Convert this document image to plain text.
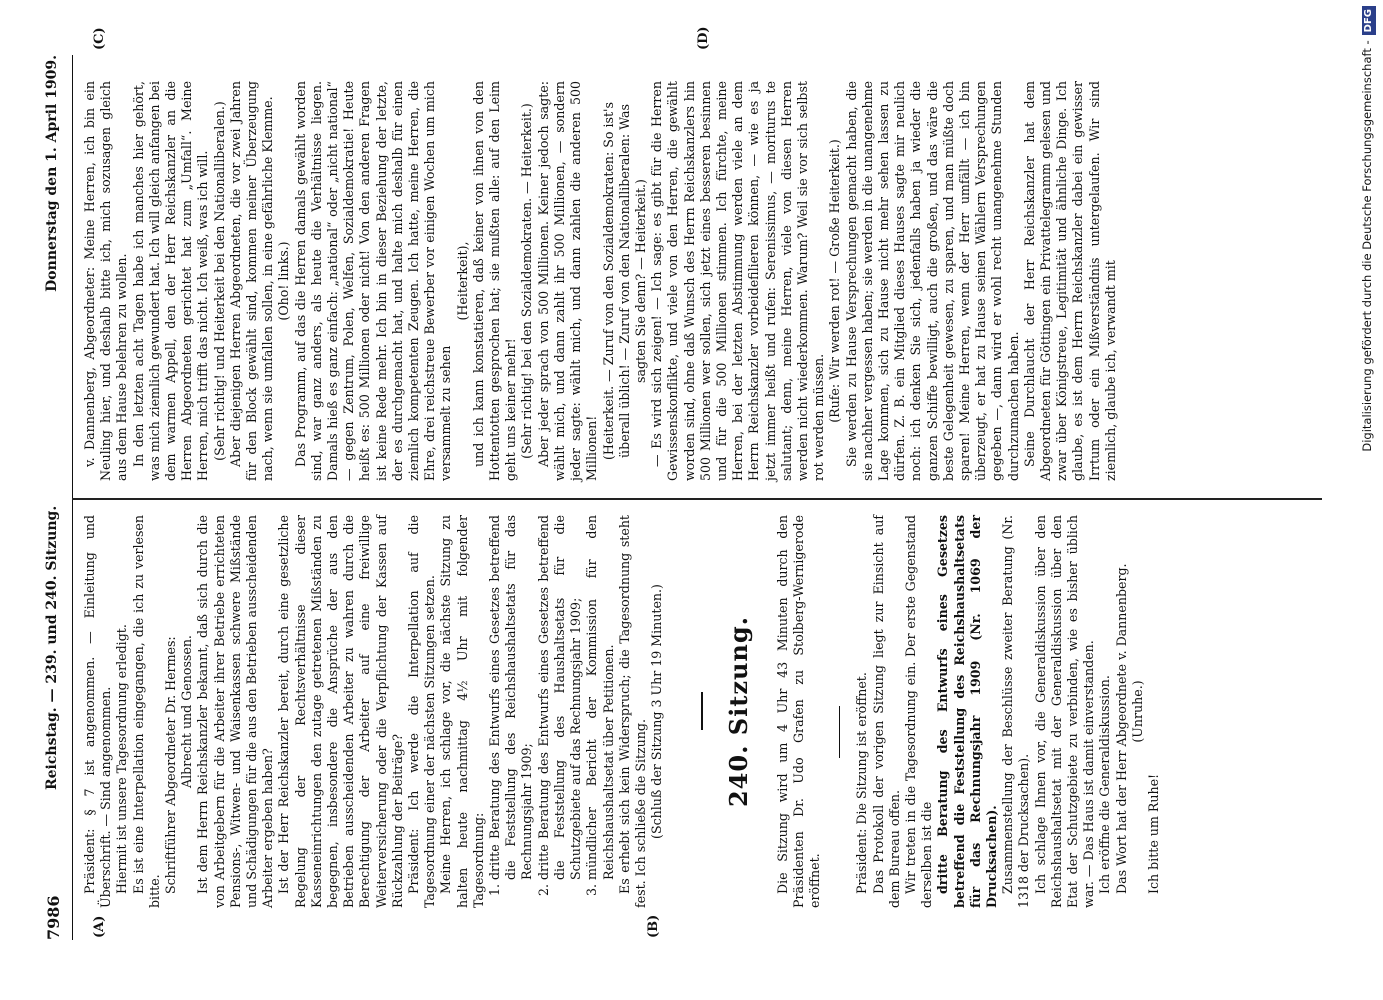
7986
Reichstag. — 239. und 240. Sitzung.
Donnerstag den 1. April 1909.
(A)	(B)
(C)	(D)

Präsident: § 7 ist angenommen. — Einleitung und Überschrift. — Sind angenommen. Hiermit ist unsere Tagesordnung erledigt. Es ist eine Interpellation eingegangen, die ich zu verlesen bitte. Schriftführer Abgeordneter Dr. Hermes: Albrecht und Genossen. Ist dem Herrn Reichskanzler bekannt, daß sich durch die von Arbeitgebern für die Arbeiter ihrer Betriebe errichteten Pensions-, Witwen- und Waisenkassen schwere Mißstände und Schädigungen für die aus den Betrieben ausscheidenden Arbeiter ergeben haben? Ist der Herr Reichskanzler bereit, durch eine gesetzliche Regelung der Rechtsverhältnisse dieser Kasseneinrichtungen den zutage getretenen Mißständen zu begegnen, insbesondere die Ansprüche der aus den Betrieben ausscheidenden Arbeiter zu wahren durch die Berechtigung der Arbeiter auf eine freiwillige Weiterversicherung oder die Verpflichtung der Kassen auf Rückzahlung der Beiträge? Präsident: Ich werde die Interpellation auf die Tagesordnung einer der nächsten Sitzungen setzen. Meine Herren, ich schlage vor, die nächste Sitzung zu halten heute nachmittag 4½ Uhr mit folgender Tagesordnung: 1. dritte Beratung des Entwurfs eines Gesetzes betreffend die Feststellung des Reichshaushaltsetats für das Rechnungsjahr 1909; 2. dritte Beratung des Entwurfs eines Gesetzes betreffend die Feststellung des Haushaltsetats für die Schutzgebiete auf das Rechnungsjahr 1909; 3. mündlicher Bericht der Kommission für den Reichshaushaltsetat über Petitionen. Es erhebt sich kein Widerspruch; die Tagesordnung steht fest. Ich schließe die Sitzung. (Schluß der Sitzung 3 Uhr 19 Minuten.) 240. Sitzung. Die Sitzung wird um 4 Uhr 43 Minuten durch den Präsidenten Dr. Udo Grafen zu Stolberg-Wernigerode eröffnet.	Präsident: Die Sitzung ist eröffnet. Das Protokoll der vorigen Sitzung liegt zur Einsicht auf dem Bureau offen. Wir treten in die Tagesordnung ein. Der erste Gegenstand derselben ist die dritte Beratung des Entwurfs eines Gesetzes betreffend die Feststellung des Reichshaushaltsetats für das Rechnungsjahr 1909 (Nr. 1069 der Drucksachen). Zusammenstellung der Beschlüsse zweiter Beratung (Nr. 1318 der Drucksachen). Ich schlage Ihnen vor, die Generaldiskussion über den Reichshaushaltsetat mit der Generaldiskussion über den Etat der Schutzgebiete zu verbinden, wie es bisher üblich war. — Das Haus ist damit einverstanden. Ich eröffne die Generaldiskussion. Das Wort hat der Herr Abgeordnete v. Dannenberg. (Unruhe.)

Ich bitte um Ruhe!

v. Dannenberg, Abgeordneter: Meine Herren, ich bin ein Neuling hier, und deshalb bitte ich, mich sozusagen gleich aus dem Hause belehren zu wollen. In den letzten acht Tagen habe ich manches hier gehört, was mich ziemlich gewundert hat. Ich will gleich anfangen bei dem warmen Appell, den der Herr Reichskanzler an die Herren Abgeordneten gerichtet hat zum „Umfall“. Meine Herren, mich trifft das nicht. Ich weiß, was ich will. (Sehr richtig! und Heiterkeit bei den Nationalliberalen.) Aber diejenigen Herren Abgeordneten, die vor zwei Jahren für den Block gewählt sind, kommen meiner Überzeugung nach, wenn sie umfallen sollen, in eine gefährliche Klemme. (Oho! links.) Das Programm, auf das die Herren damals gewählt worden sind, war ganz anders, als heute die Verhältnisse liegen. Damals hieß es ganz einfach: „national“ oder „nicht national“ — gegen Zentrum, Polen, Welfen, Sozialdemokratie! Heute heißt es: 500 Millionen oder nicht! Von den anderen Fragen ist keine Rede mehr. Ich bin in dieser Beziehung der letzte, der es durchgemacht hat, und halte mich deshalb für einen ziemlich kompetenten Zeugen. Ich hatte, meine Herren, die Ehre, drei reichstreue Bewerber vor einigen Wochen um mich versammelt zu sehen

(Heiterkeit), und ich kann konstatieren, daß keiner von ihnen von den Hottentotten gesprochen hat; sie mußten alle: auf den Leim geht uns keiner mehr! (Sehr richtig! bei den Sozialdemokraten. — Heiterkeit.) Aber jeder sprach von 500 Millionen. Keiner jedoch sagte: wählt mich, und dann zahlt ihr 500 Millionen, — sondern jeder sagte: wählt mich, und dann zahlen die anderen 500 Millionen! (Heiterkeit. — Zuruf von den Sozialdemokraten: So ist's überall üblich! — Zuruf von den Nationalliberalen: Was sagten Sie denn? — Heiterkeit.) — Es wird sich zeigen! — Ich sage: es gibt für die Herren Gewissenskonflikte, und viele von den Herren, die gewählt worden sind, ohne daß Wunsch des Herrn Reichskanzlers hin 500 Millionen wer sollen, sich jetzt eines besseren besinnen und für die 500 Millionen stimmen. Ich fürchte, meine Herren, bei der letzten Abstimmung werden viele an dem Herrn Reichskanzler vorbeidefilieren können, — wie es ja jetzt immer heißt und rufen: Serenissimus, — moriturus te salutant; denn, meine Herren, viele von diesen Herren werden nicht wiederkommen. Warum? Weil sie vor sich selbst rot werden müssen. (Rufe: Wir werden rot! — Große Heiterkeit.) Sie werden zu Hause Versprechungen gemacht haben, die sie nachher vergessen haben; sie werden in die unangenehme Lage kommen, sich zu Hause nicht mehr sehen lassen zu dürfen. Z. B. ein Mitglied dieses Hauses sagte mir neulich noch: ich denken Sie sich, jedenfalls haben ja wieder die ganzen Schiffe bewilligt, auch die großen, und das wäre die beste Gelegenheit gewesen, zu sparen, und man müßte doch sparen! Meine Herren, wenn der Herr umfällt — ich bin überzeugt, er hat zu Hause seinen Wählern Versprechungen gegeben —, dann wird er wohl recht unangenehme Stunden durchzumachen haben. Seine Durchlaucht der Herr Reichskanzler hat dem Abgeordneten für Göttingen ein Privattelegramm gelesen und zwar über Königstreue, Legitimität und ähnliche Dinge. Ich glaube, es ist dem Herrn Reichskanzler dabei ein gewisser Irrtum oder ein Mißverständnis untergelaufen. Wir sind ziemlich, glaube ich, verwandt mit	Digitalisierung gefördert durch die Deutsche Forschungsgemeinschaft -DFG
